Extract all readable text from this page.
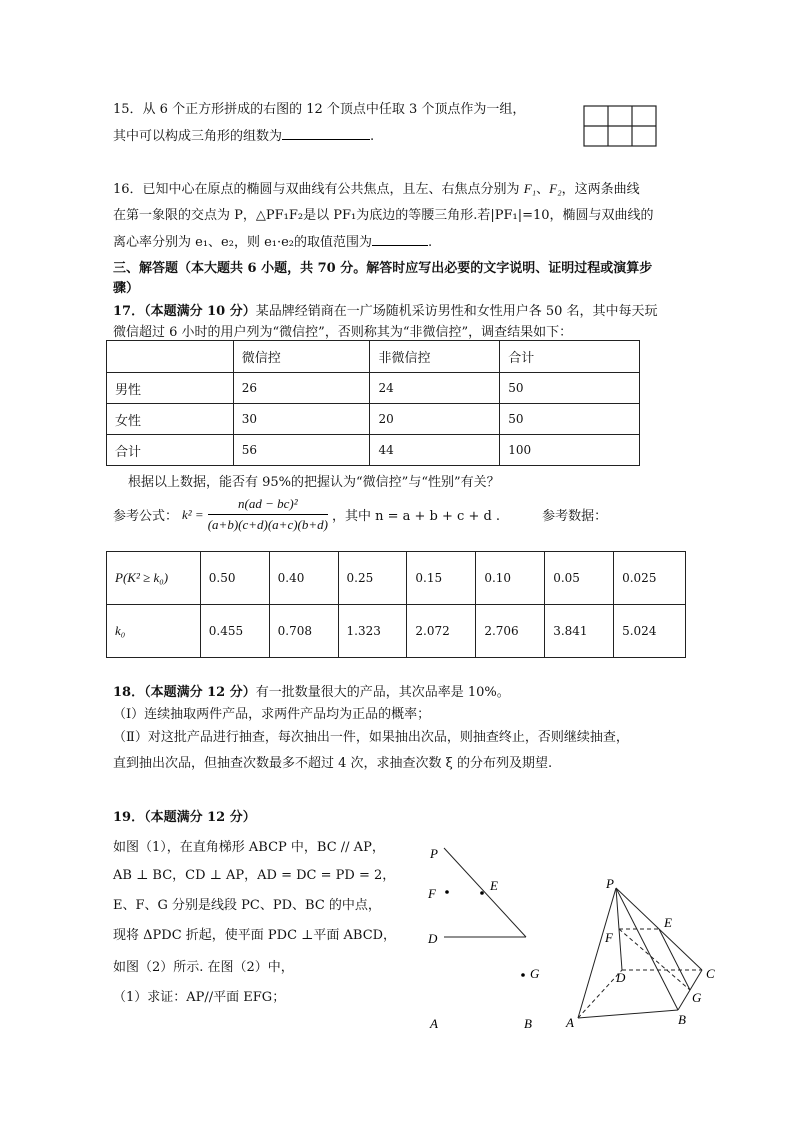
15．从 6 个正方形拼成的右图的 12 个顶点中任取 3 个顶点作为一组，
其中可以构成三角形的组数为	.
16．已知中心在原点的椭圆与双曲线有公共焦点，且左、右焦点分别为 F₁、F₂，这两条曲线
在第一象限的交点为 P，△PF₁F₂是以 PF₁为底边的等腰三角形.若|PF₁|=10，椭圆与双曲线的
离心率分别为 e₁、e₂，则 e₁·e₂的取值范围为	.
三、解答题（本大题共 6 小题，共 70 分。解答时应写出必要的文字说明、证明过程或演算步
骤）
17．（本题满分 10 分）某品牌经销商在一广场随机采访男性和女性用户各 50 名，其中每天玩
微信超过 6 小时的用户列为“微信控”，否则称其为“非微信控”，调查结果如下：
	微信控	非微信控	合计
男性	26	24	50
女性	30	20	50
合计	56	44	100
根据以上数据，能否有 95%的把握认为“微信控”与“性别”有关？
参考公式： $k^2 = \frac{\text{n(ad − bc)²}}{(a+b)(c+d)(a+c)(b+d)}$ ，其中 n = a + b + c + d .	参考数据：
P(K² ≥ k₀)	0.50	0.40	0.25	0.15	0.10	0.05	0.025
k₀	0.455	0.708	1.323	2.072	2.706	3.841	5.024
18．（本题满分 12 分）有一批数量很大的产品，其次品率是 10%。
（Ⅰ）连续抽取两件产品，求两件产品均为正品的概率；
（Ⅱ）对这批产品进行抽查，每次抽出一件，如果抽出次品，则抽查终止，否则继续抽查，
直到抽出次品，但抽查次数最多不超过 4 次，求抽查次数 ξ 的分布列及期望.
19．（本题满分 12 分）
如图（1），在直角梯形 ABCP 中，BC // AP，
AB ⊥ BC，CD ⊥ AP，AD = DC = PD = 2，
E、F、G 分别是线段 PC、PD、BC 的中点，
现将 ΔPDC 折起，使平面 PDC ⊥平面 ABCD，
如图（2）所示. 在图（2）中，
（1）求证：AP//平面 EFG；
P
F
E
D
G
A	B
P
E
F
D	C
G
A	B
